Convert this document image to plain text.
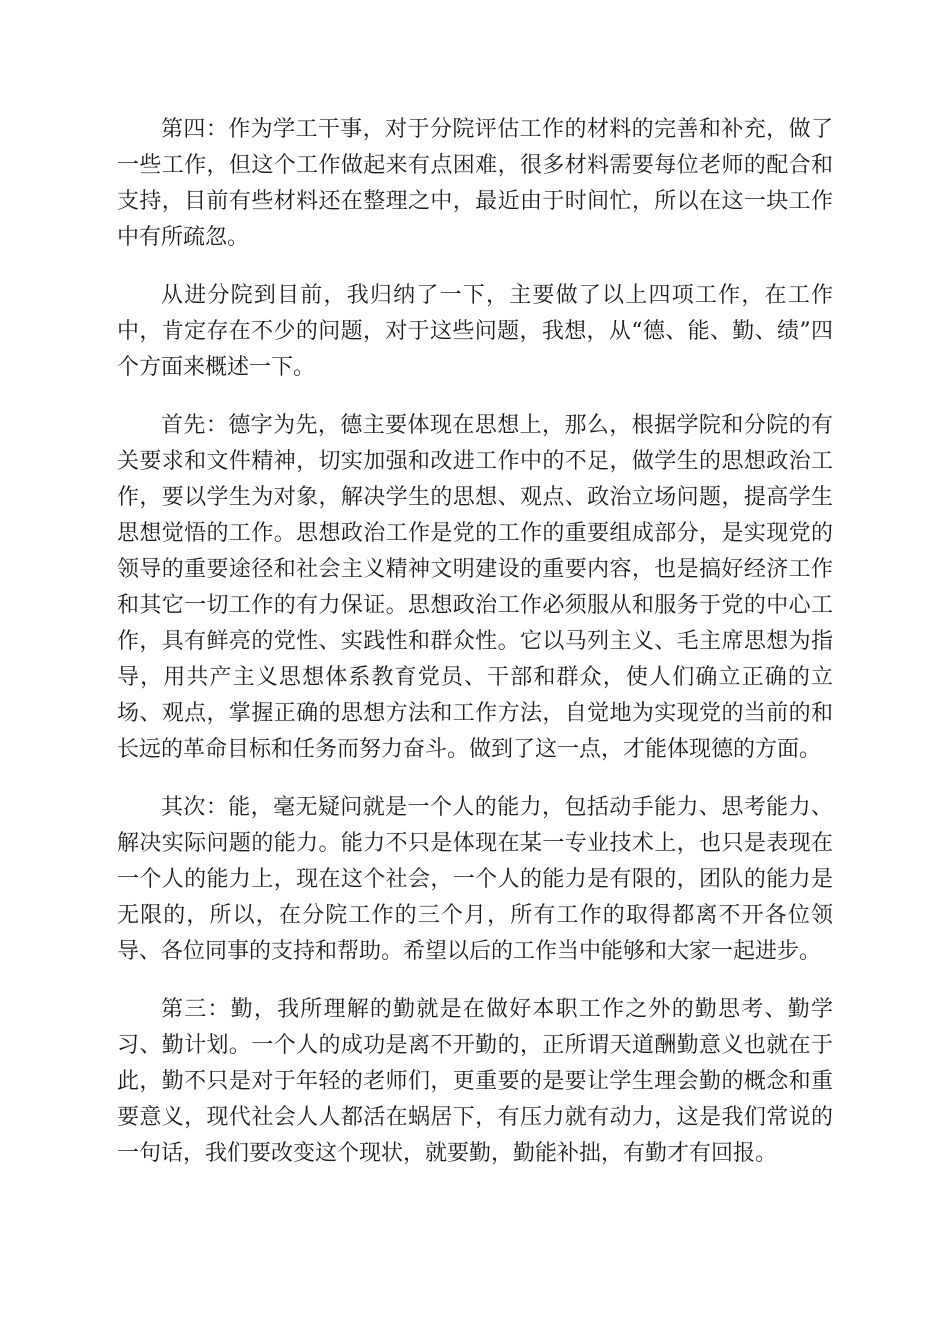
第四：作为学工干事，对于分院评估工作的材料的完善和补充，做了一些工作，但这个工作做起来有点困难，很多材料需要每位老师的配合和支持，目前有些材料还在整理之中，最近由于时间忙，所以在这一块工作中有所疏忽。

从进分院到目前，我归纳了一下，主要做了以上四项工作，在工作中，肯定存在不少的问题，对于这些问题，我想，从“德、能、勤、绩”四个方面来概述一下。

首先：德字为先，德主要体现在思想上，那么，根据学院和分院的有关要求和文件精神，切实加强和改进工作中的不足，做学生的思想政治工作，要以学生为对象，解决学生的思想、观点、政治立场问题，提高学生思想觉悟的工作。思想政治工作是党的工作的重要组成部分，是实现党的领导的重要途径和社会主义精神文明建设的重要内容，也是搞好经济工作和其它一切工作的有力保证。思想政治工作必须服从和服务于党的中心工作，具有鲜亮的党性、实践性和群众性。它以马列主义、毛主席思想为指导，用共产主义思想体系教育党员、干部和群众，使人们确立正确的立场、观点，掌握正确的思想方法和工作方法，自觉地为实现党的当前的和长远的革命目标和任务而努力奋斗。做到了这一点，才能体现德的方面。

其次：能，毫无疑问就是一个人的能力，包括动手能力、思考能力、解决实际问题的能力。能力不只是体现在某一专业技术上，也只是表现在一个人的能力上，现在这个社会，一个人的能力是有限的，团队的能力是无限的，所以，在分院工作的三个月，所有工作的取得都离不开各位领导、各位同事的支持和帮助。希望以后的工作当中能够和大家一起进步。

第三：勤，我所理解的勤就是在做好本职工作之外的勤思考、勤学习、勤计划。一个人的成功是离不开勤的，正所谓天道酬勤意义也就在于此，勤不只是对于年轻的老师们，更重要的是要让学生理会勤的概念和重要意义，现代社会人人都活在蜗居下，有压力就有动力，这是我们常说的一句话，我们要改变这个现状，就要勤，勤能补拙，有勤才有回报。
